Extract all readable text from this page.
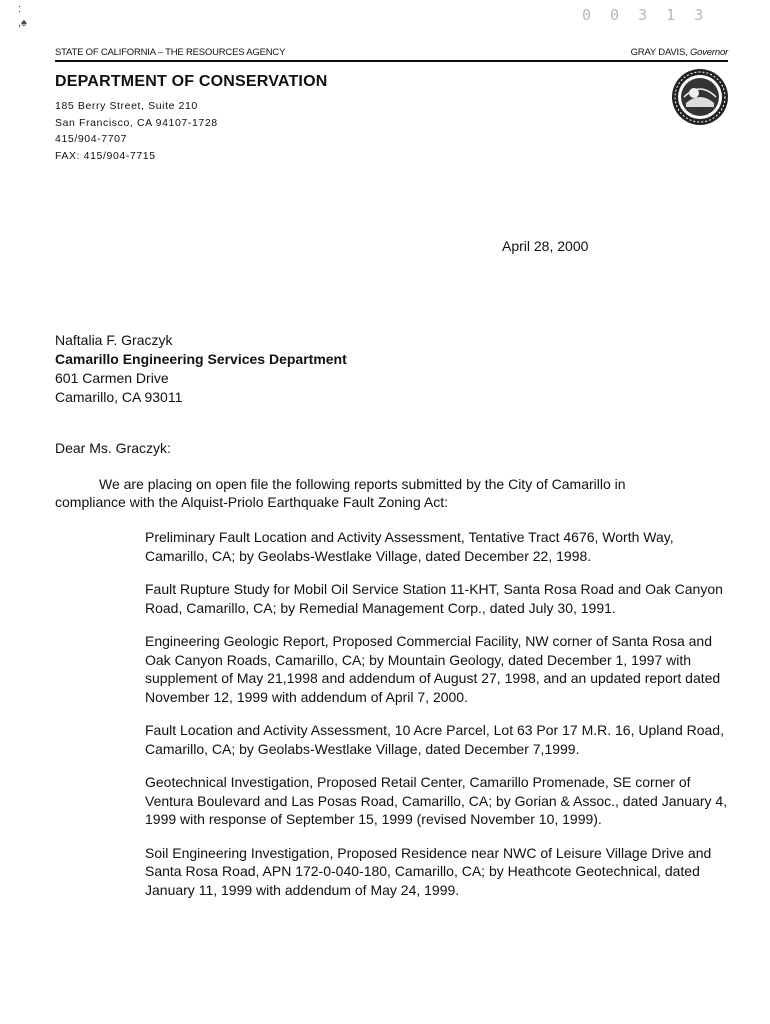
:
,♠	0 0 3 1 3
STATE OF CALIFORNIA – THE RESOURCES AGENCY	GRAY DAVIS, Governor
DEPARTMENT OF CONSERVATION
185 Berry Street, Suite 210
San Francisco, CA 94107-1728
415/904-7707
FAX: 415/904-7715
April 28, 2000
Naftalia F. Graczyk
Camarillo Engineering Services Department
601 Carmen Drive
Camarillo, CA 93011
Dear Ms. Graczyk:
We are placing on open file the following reports submitted by the City of Camarillo in compliance with the Alquist-Priolo Earthquake Fault Zoning Act:
Preliminary Fault Location and Activity Assessment, Tentative Tract 4676, Worth Way, Camarillo, CA; by Geolabs-Westlake Village, dated December 22, 1998.
Fault Rupture Study for Mobil Oil Service Station 11-KHT, Santa Rosa Road and Oak Canyon Road, Camarillo, CA; by Remedial Management Corp., dated July 30, 1991.
Engineering Geologic Report, Proposed Commercial Facility, NW corner of Santa Rosa and Oak Canyon Roads, Camarillo, CA; by Mountain Geology, dated December 1, 1997 with supplement of May 21,1998 and addendum of August 27, 1998, and an updated report dated November 12, 1999 with addendum of April 7, 2000.
Fault Location and Activity Assessment, 10 Acre Parcel, Lot 63 Por 17 M.R. 16, Upland Road, Camarillo, CA; by Geolabs-Westlake Village, dated December 7,1999.
Geotechnical Investigation, Proposed Retail Center, Camarillo Promenade, SE corner of Ventura Boulevard and Las Posas Road, Camarillo, CA; by Gorian & Assoc., dated January 4, 1999 with response of September 15, 1999 (revised November 10, 1999).
Soil Engineering Investigation, Proposed Residence near NWC of Leisure Village Drive and Santa Rosa Road, APN 172-0-040-180, Camarillo, CA; by Heathcote Geotechnical, dated January 11, 1999 with addendum of May 24, 1999.
